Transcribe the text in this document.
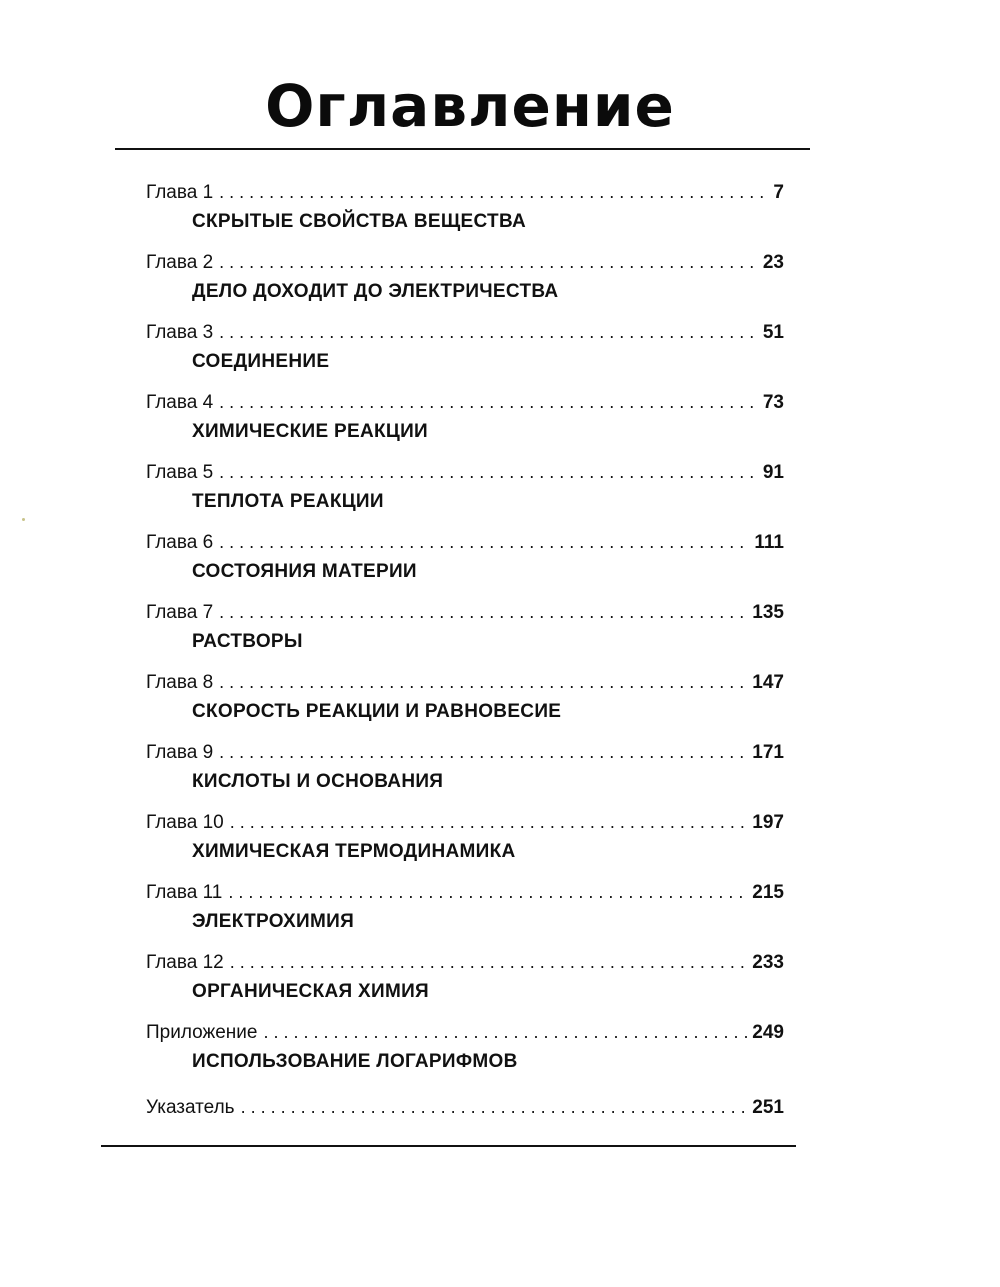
Оглавление
Глава 1 . . .	7
СКРЫТЫЕ СВОЙСТВА ВЕЩЕСТВА
Глава 2 . . .	23
ДЕЛО ДОХОДИТ ДО ЭЛЕКТРИЧЕСТВА
Глава 3 . . .	51
СОЕДИНЕНИЕ
Глава 4 . . .	73
ХИМИЧЕСКИЕ РЕАКЦИИ
Глава 5 . . .	91
ТЕПЛОТА РЕАКЦИИ
Глава 6 . . .	111
СОСТОЯНИЯ МАТЕРИИ
Глава 7 . . .	135
РАСТВОРЫ
Глава 8 . . .	147
СКОРОСТЬ РЕАКЦИИ И РАВНОВЕСИЕ
Глава 9 . . .	171
КИСЛОТЫ И ОСНОВАНИЯ
Глава 10 . . .	197
ХИМИЧЕСКАЯ ТЕРМОДИНАМИКА
Глава 11 . . .	215
ЭЛЕКТРОХИМИЯ
Глава 12 . . .	233
ОРГАНИЧЕСКАЯ ХИМИЯ
Приложение . . .	249
ИСПОЛЬЗОВАНИЕ ЛОГАРИФМОВ
Указатель . . .	251
